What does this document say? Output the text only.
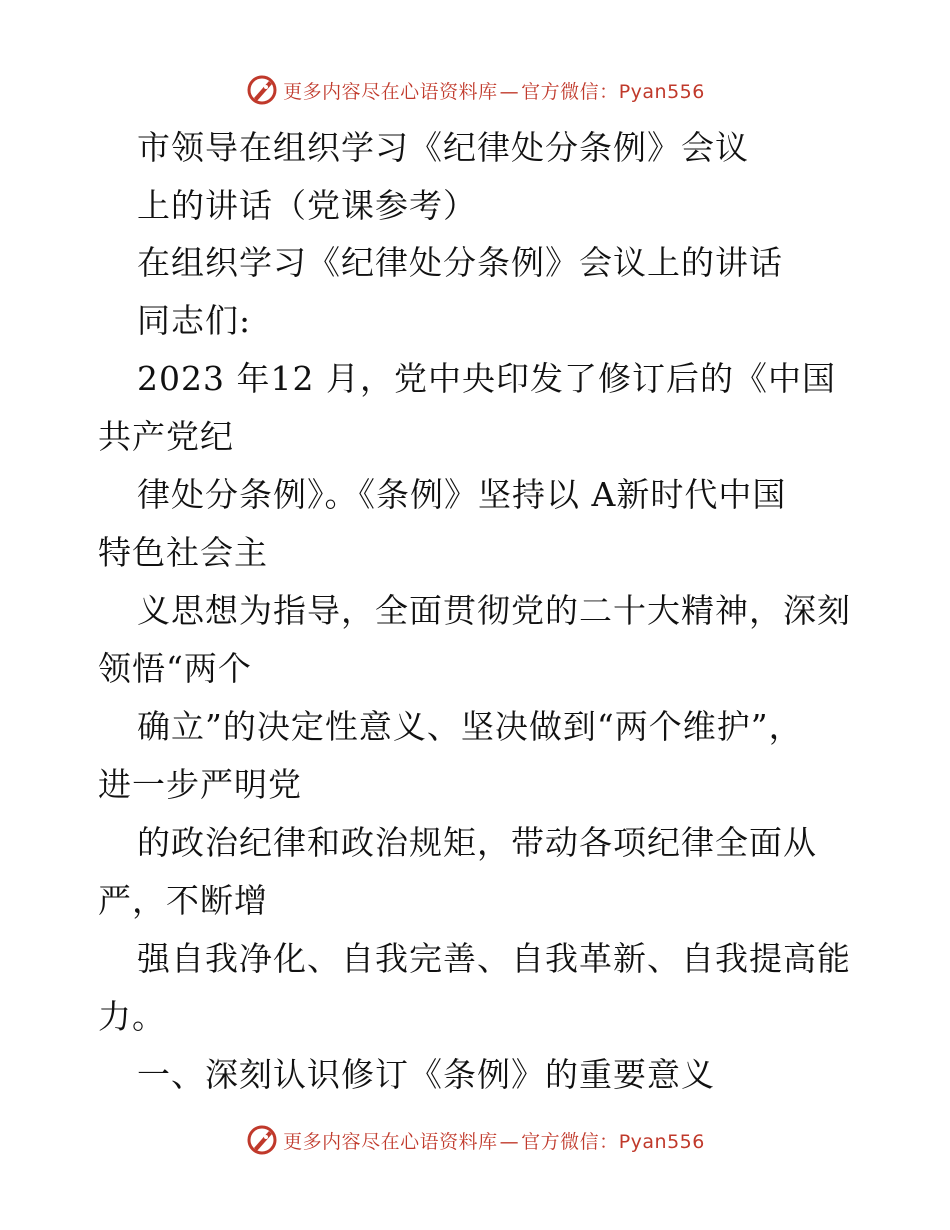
更多内容尽在心语资料库 — 官方微信：Pyan556
市领导在组织学习《纪律处分条例》会议
上的讲话（党课参考）
在组织学习《纪律处分条例》会议上的讲话
同志们:
2023 年12 月，党中央印发了修订后的《中国
共产党纪
律处分条例》。《条例》坚持以 A新时代中国
特色社会主
义思想为指导，全面贯彻党的二十大精神，深刻
领悟“两个
确立”的决定性意义、坚决做到“两个维护”，
进一步严明党
的政治纪律和政治规矩，带动各项纪律全面从
严，不断增
强自我净化、自我完善、自我革新、自我提高能
力。
一、深刻认识修订《条例》的重要意义
更多内容尽在心语资料库 — 官方微信：Pyan556
